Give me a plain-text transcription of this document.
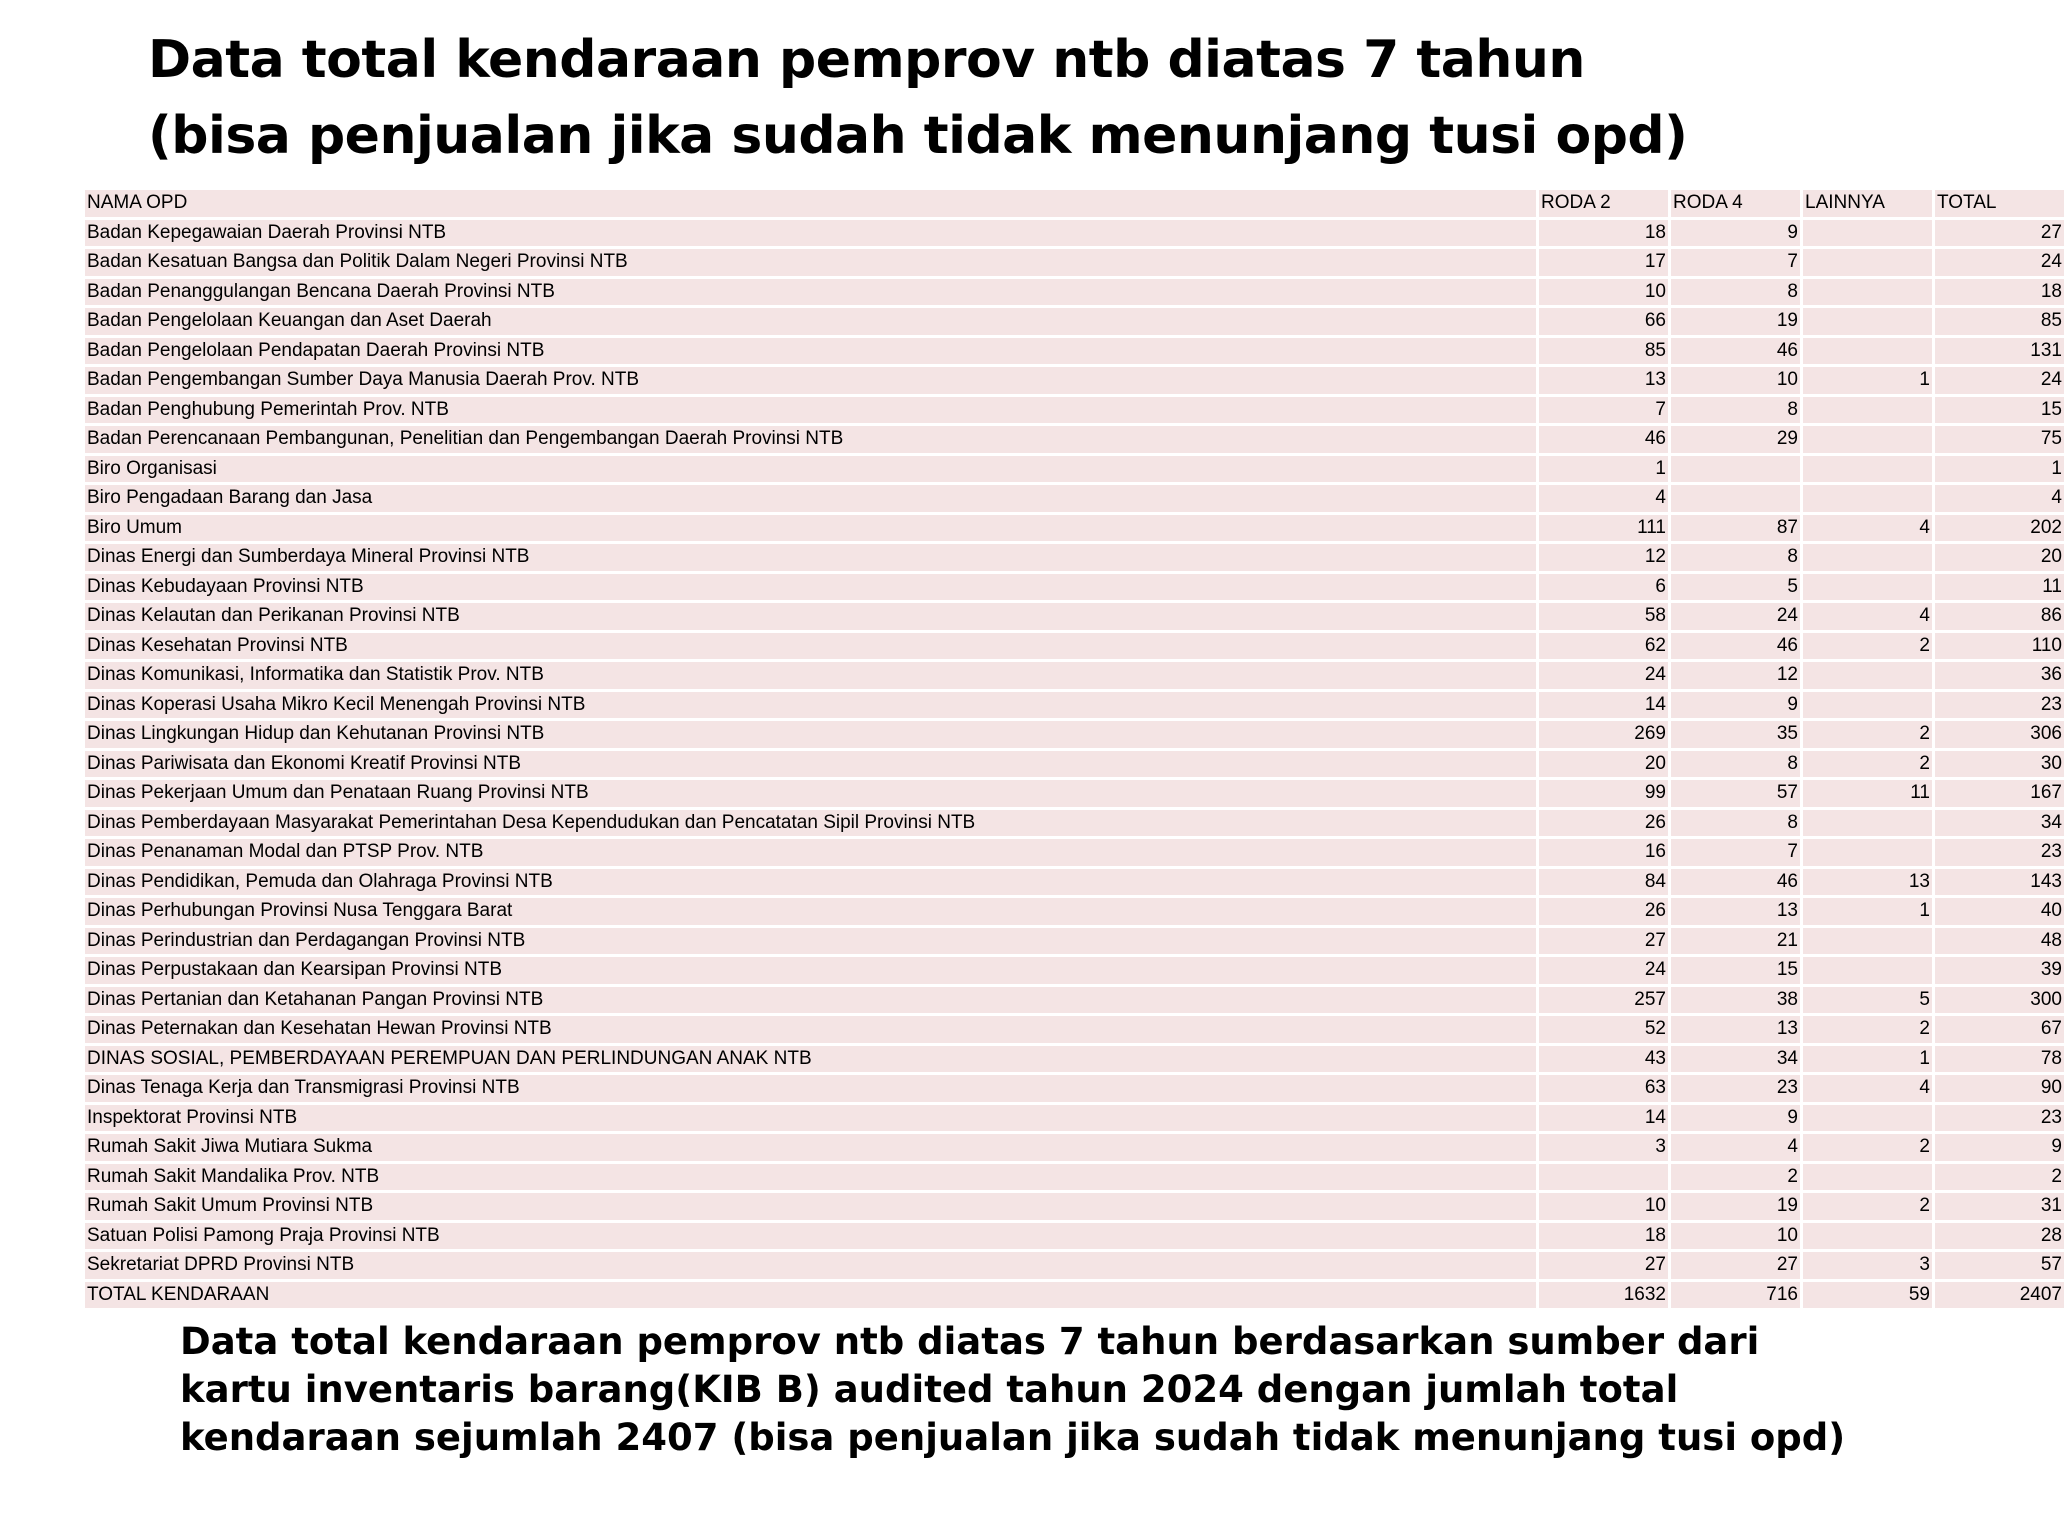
Data total kendaraan pemprov ntb diatas 7 tahun
(bisa penjualan jika sudah tidak menunjang tusi opd)
NAMA OPD	RODA 2	RODA 4	LAINNYA	TOTAL
Badan Kepegawaian Daerah Provinsi NTB	18	9		27
Badan Kesatuan Bangsa dan Politik Dalam Negeri Provinsi NTB	17	7		24
Badan Penanggulangan Bencana Daerah Provinsi NTB	10	8		18
Badan Pengelolaan Keuangan dan Aset Daerah	66	19		85
Badan Pengelolaan Pendapatan Daerah Provinsi NTB	85	46		131
Badan Pengembangan Sumber Daya Manusia Daerah Prov. NTB	13	10	1	24
Badan Penghubung Pemerintah Prov. NTB	7	8		15
Badan Perencanaan Pembangunan, Penelitian dan Pengembangan Daerah Provinsi NTB	46	29		75
Biro Organisasi	1			1
Biro Pengadaan Barang dan Jasa	4			4
Biro Umum	111	87	4	202
Dinas Energi dan Sumberdaya Mineral Provinsi NTB	12	8		20
Dinas Kebudayaan Provinsi NTB	6	5		11
Dinas Kelautan dan Perikanan Provinsi NTB	58	24	4	86
Dinas Kesehatan Provinsi NTB	62	46	2	110
Dinas Komunikasi, Informatika dan Statistik Prov. NTB	24	12		36
Dinas Koperasi Usaha Mikro Kecil Menengah Provinsi NTB	14	9		23
Dinas Lingkungan Hidup dan Kehutanan Provinsi NTB	269	35	2	306
Dinas Pariwisata dan Ekonomi Kreatif Provinsi NTB	20	8	2	30
Dinas Pekerjaan Umum dan Penataan Ruang Provinsi NTB	99	57	11	167
Dinas Pemberdayaan Masyarakat Pemerintahan Desa Kependudukan dan Pencatatan Sipil Provinsi NTB	26	8		34
Dinas Penanaman Modal dan PTSP Prov. NTB	16	7		23
Dinas Pendidikan, Pemuda dan Olahraga Provinsi NTB	84	46	13	143
Dinas Perhubungan Provinsi Nusa Tenggara Barat	26	13	1	40
Dinas Perindustrian dan Perdagangan Provinsi NTB	27	21		48
Dinas Perpustakaan dan Kearsipan Provinsi NTB	24	15		39
Dinas Pertanian dan Ketahanan Pangan Provinsi NTB	257	38	5	300
Dinas Peternakan dan Kesehatan Hewan Provinsi NTB	52	13	2	67
DINAS SOSIAL, PEMBERDAYAAN PEREMPUAN DAN PERLINDUNGAN ANAK NTB	43	34	1	78
Dinas Tenaga Kerja dan Transmigrasi Provinsi NTB	63	23	4	90
Inspektorat Provinsi NTB	14	9		23
Rumah Sakit Jiwa Mutiara Sukma	3	4	2	9
Rumah Sakit Mandalika Prov. NTB		2		2
Rumah Sakit Umum Provinsi NTB	10	19	2	31
Satuan Polisi Pamong Praja Provinsi NTB	18	10		28
Sekretariat DPRD Provinsi NTB	27	27	3	57
TOTAL KENDARAAN	1632	716	59	2407
Data total kendaraan pemprov ntb diatas 7 tahun berdasarkan sumber dari
kartu inventaris barang(KIB B) audited tahun 2024 dengan jumlah total
kendaraan sejumlah 2407 (bisa penjualan jika sudah tidak menunjang tusi opd)
